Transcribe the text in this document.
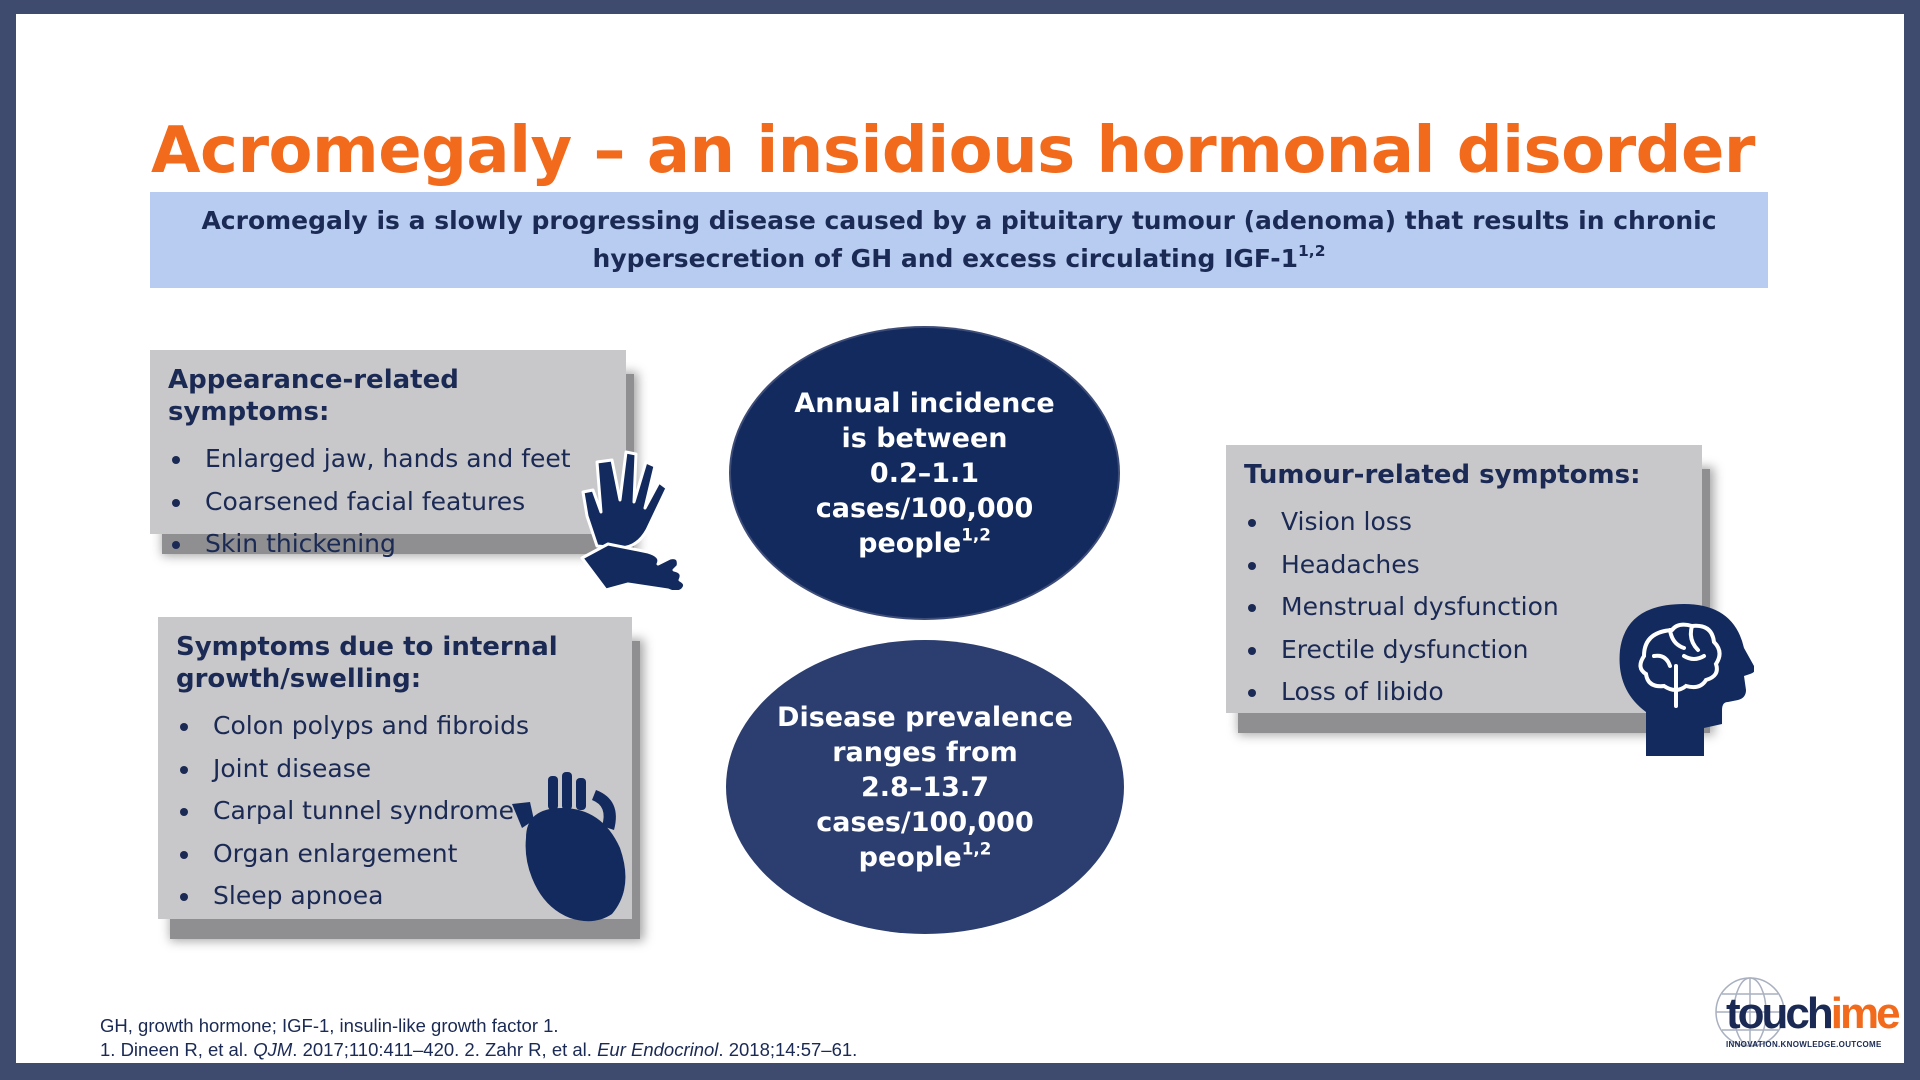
Acromegaly – an insidious hormonal disorder
Acromegaly is a slowly progressing disease caused by a pituitary tumour (adenoma) that results in chronic
hypersecretion of GH and excess circulating IGF-1$^{1,2}$
Appearance-related symptoms:
Enlarged jaw, hands and feet
Coarsened facial features
Skin thickening
Symptoms due to internal
growth/swelling:
Colon polyps and fibroids
Joint disease
Carpal tunnel syndrome
Organ enlargement
Sleep apnoea
Tumour-related symptoms:
Vision loss
Headaches
Menstrual dysfunction
Erectile dysfunction
Loss of libido
Annual incidence
is between
0.2–1.1
cases/100,000
people$^{1,2}$
Disease prevalence
ranges from
2.8–13.7
cases/100,000
people$^{1,2}$
GH, growth hormone; IGF-1, insulin-like growth factor 1.
1. Dineen R, et al. QJM. 2017;110:411–420. 2. Zahr R, et al. Eur Endocrinol. 2018;14:57–61.
touchime
INNOVATION.KNOWLEDGE.OUTCOME
